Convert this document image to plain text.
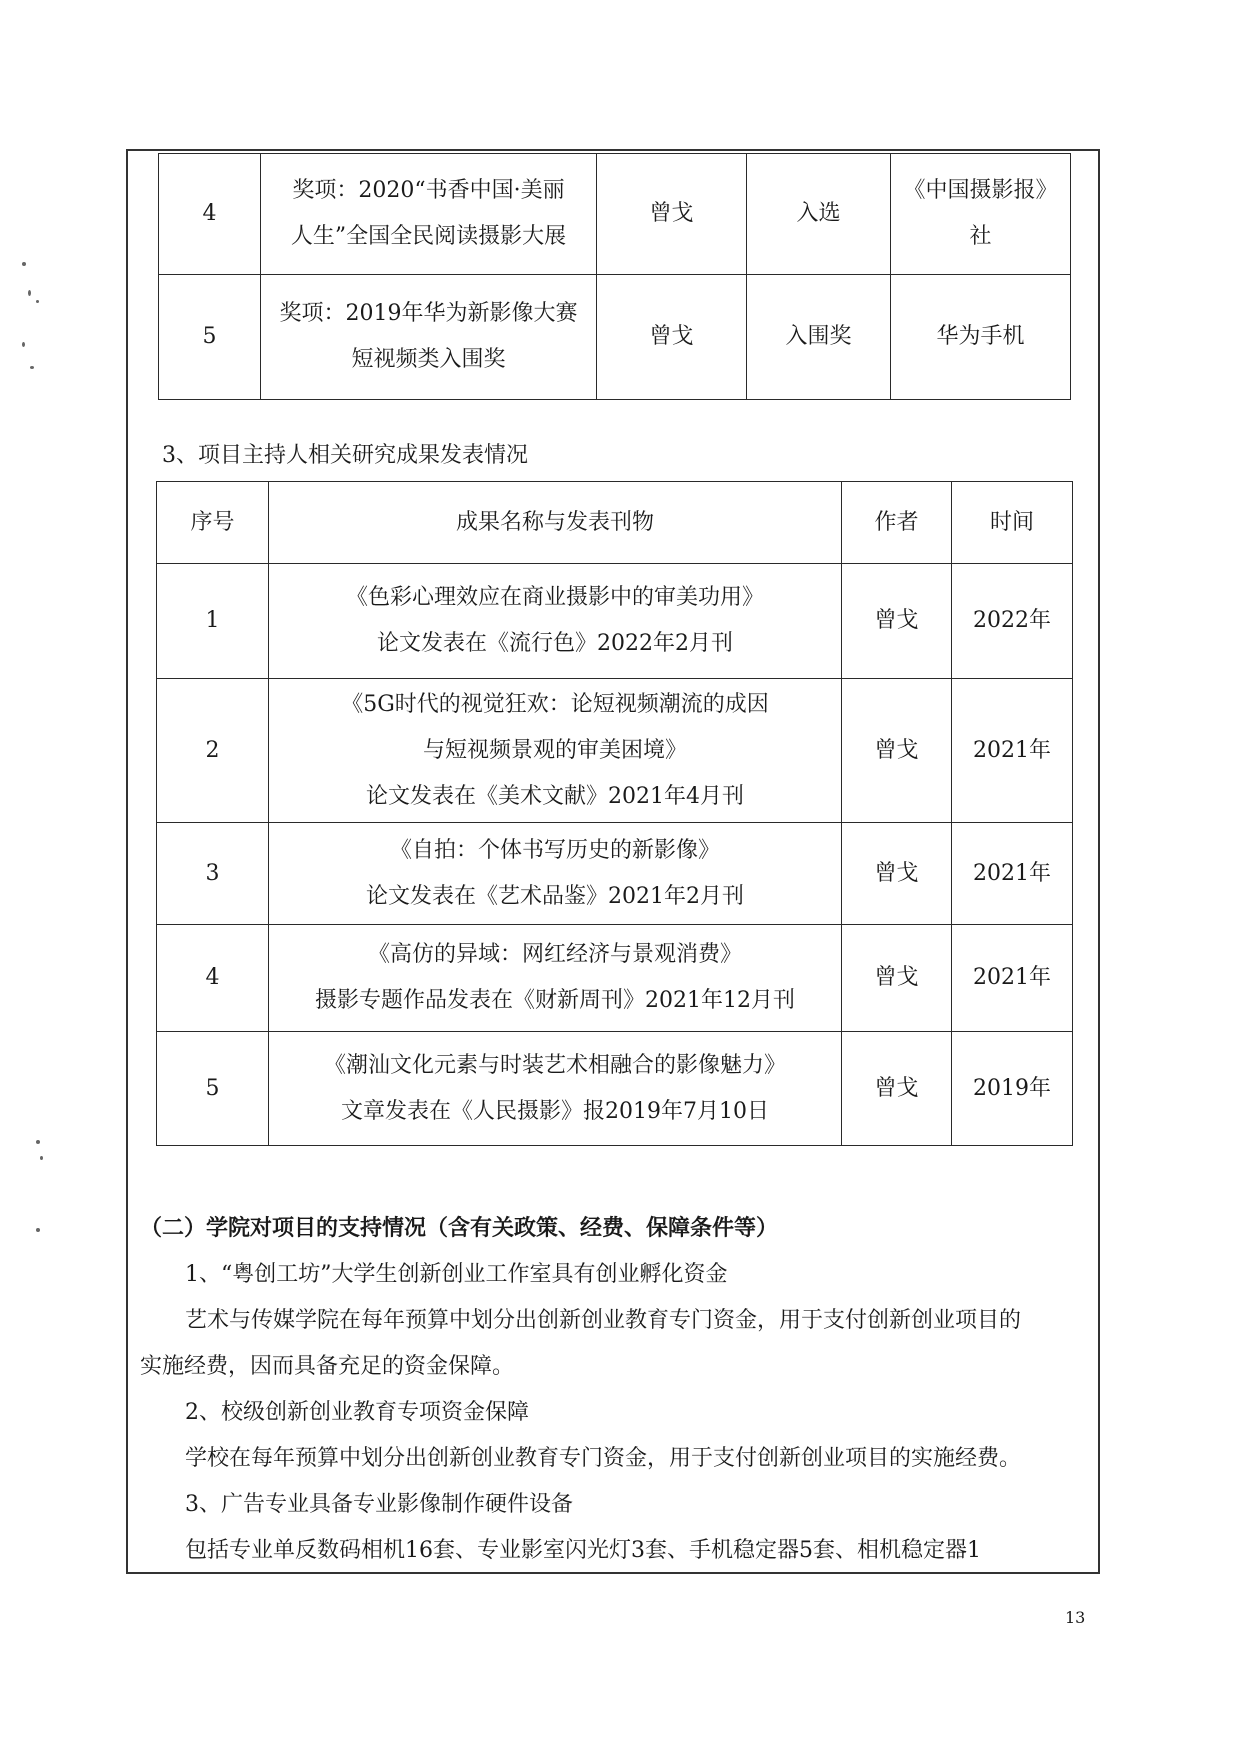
4	奖项：2020“书香中国·美丽
人生”全国全民阅读摄影大展	曾戈	入选	《中国摄影报》
社

5	奖项：2019年华为新影像大赛
短视频类入围奖	曾戈	入围奖	华为手机
3、项目主持人相关研究成果发表情况
序号	成果名称与发表刊物	作者	时间
1	《色彩心理效应在商业摄影中的审美功用》
论文发表在《流行色》2022年2月刊	曾戈	2022年
2	《5G时代的视觉狂欢：论短视频潮流的成因
与短视频景观的审美困境》
论文发表在《美术文献》2021年4月刊	曾戈	2021年
3	《自拍：个体书写历史的新影像》
论文发表在《艺术品鉴》2021年2月刊	曾戈	2021年
4	《高仿的异域：网红经济与景观消费》
摄影专题作品发表在《财新周刊》2021年12月刊	曾戈	2021年
5	《潮汕文化元素与时装艺术相融合的影像魅力》
文章发表在《人民摄影》报2019年7月10日	曾戈	2019年
（二）学院对项目的支持情况（含有关政策、经费、保障条件等）
1、“粤创工坊”大学生创新创业工作室具有创业孵化资金
艺术与传媒学院在每年预算中划分出创新创业教育专门资金，用于支付创新创业项目的
实施经费，因而具备充足的资金保障。
2、校级创新创业教育专项资金保障
学校在每年预算中划分出创新创业教育专门资金，用于支付创新创业项目的实施经费。
3、广告专业具备专业影像制作硬件设备
包括专业单反数码相机16套、专业影室闪光灯3套、手机稳定器5套、相机稳定器1
13
